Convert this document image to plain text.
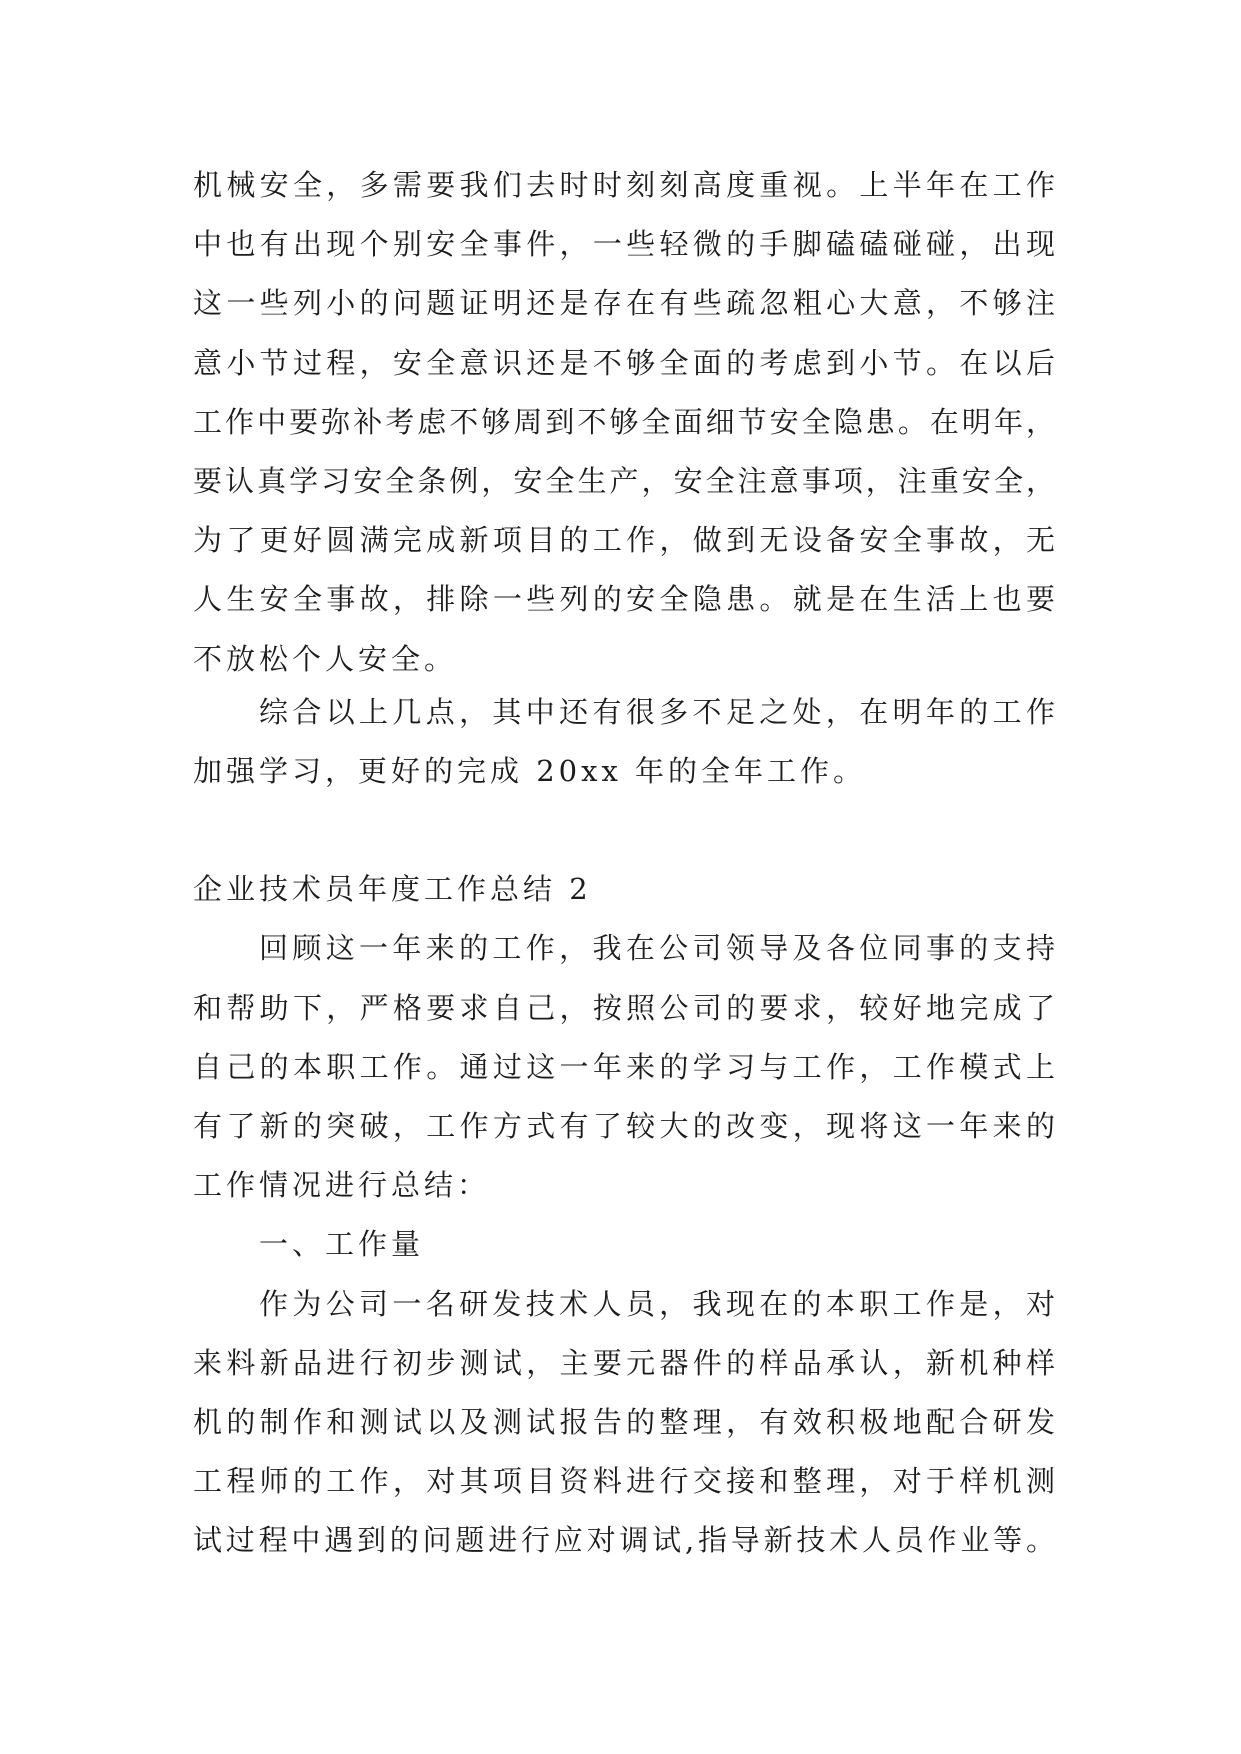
机械安全，多需要我们去时时刻刻高度重视。上半年在工作
中也有出现个别安全事件，一些轻微的手脚磕磕碰碰，出现
这一些列小的问题证明还是存在有些疏忽粗心大意，不够注
意小节过程，安全意识还是不够全面的考虑到小节。在以后
工作中要弥补考虑不够周到不够全面细节安全隐患。在明年，
要认真学习安全条例，安全生产，安全注意事项，注重安全，
为了更好圆满完成新项目的工作，做到无设备安全事故，无
人生安全事故，排除一些列的安全隐患。就是在生活上也要
不放松个人安全。
综合以上几点，其中还有很多不足之处，在明年的工作
加强学习，更好的完成 20xx 年的全年工作。
企业技术员年度工作总结 2
回顾这一年来的工作，我在公司领导及各位同事的支持
和帮助下，严格要求自己，按照公司的要求，较好地完成了
自己的本职工作。通过这一年来的学习与工作，工作模式上
有了新的突破，工作方式有了较大的改变，现将这一年来的
工作情况进行总结：
一、工作量
作为公司一名研发技术人员，我现在的本职工作是，对
来料新品进行初步测试，主要元器件的样品承认，新机种样
机的制作和测试以及测试报告的整理，有效积极地配合研发
工程师的工作，对其项目资料进行交接和整理，对于样机测
试过程中遇到的问题进行应对调试,指导新技术人员作业等。
